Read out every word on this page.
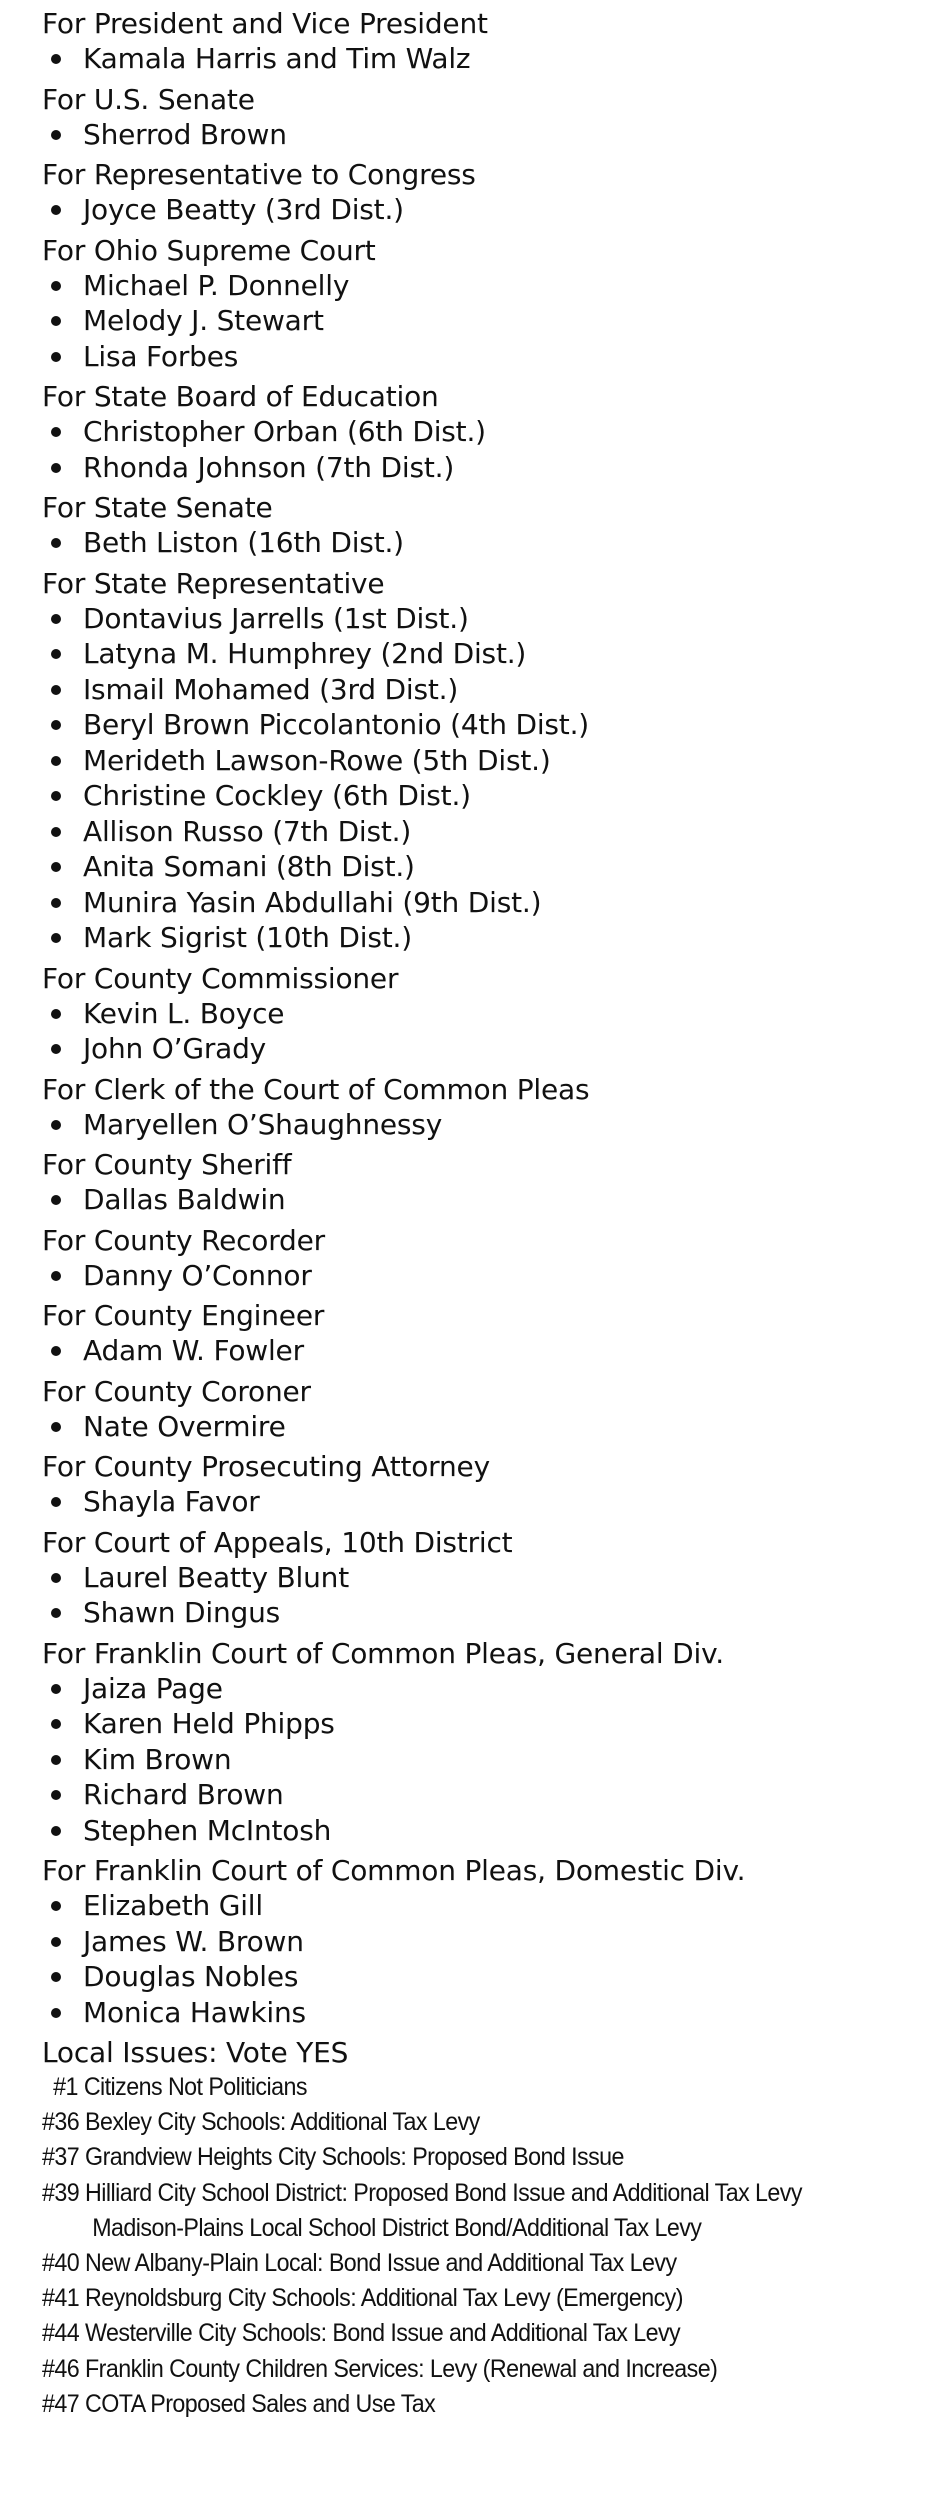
For President and Vice President
Kamala Harris and Tim Walz
For U.S. Senate
Sherrod Brown
For Representative to Congress
Joyce Beatty (3rd Dist.)
For Ohio Supreme Court
Michael P. Donnelly
Melody J. Stewart
Lisa Forbes
For State Board of Education
Christopher Orban (6th Dist.)
Rhonda Johnson (7th Dist.)
For State Senate
Beth Liston (16th Dist.)
For State Representative
Dontavius Jarrells (1st Dist.)
Latyna M. Humphrey (2nd Dist.)
Ismail Mohamed (3rd Dist.)
Beryl Brown Piccolantonio (4th Dist.)
Merideth Lawson-Rowe (5th Dist.)
Christine Cockley (6th Dist.)
Allison Russo (7th Dist.)
Anita Somani (8th Dist.)
Munira Yasin Abdullahi (9th Dist.)
Mark Sigrist (10th Dist.)
For County Commissioner
Kevin L. Boyce
John O’Grady
For Clerk of the Court of Common Pleas
Maryellen O’Shaughnessy
For County Sheriff
Dallas Baldwin
For County Recorder
Danny O’Connor
For County Engineer
Adam W. Fowler
For County Coroner
Nate Overmire
For County Prosecuting Attorney
Shayla Favor
For Court of Appeals, 10th District
Laurel Beatty Blunt
Shawn Dingus
For Franklin Court of Common Pleas, General Div.
Jaiza Page
Karen Held Phipps
Kim Brown
Richard Brown
Stephen McIntosh
For Franklin Court of Common Pleas, Domestic Div.
Elizabeth Gill
James W. Brown
Douglas Nobles
Monica Hawkins
Local Issues: Vote YES
#1 Citizens Not Politicians
#36 Bexley City Schools: Additional Tax Levy
#37 Grandview Heights City Schools: Proposed Bond Issue
#39 Hilliard City School District: Proposed Bond Issue and Additional Tax Levy
Madison-Plains Local School District Bond/Additional Tax Levy
#40 New Albany-Plain Local: Bond Issue and Additional Tax Levy
#41 Reynoldsburg City Schools: Additional Tax Levy (Emergency)
#44 Westerville City Schools: Bond Issue and Additional Tax Levy
#46 Franklin County Children Services: Levy (Renewal and Increase)
#47 COTA Proposed Sales and Use Tax
